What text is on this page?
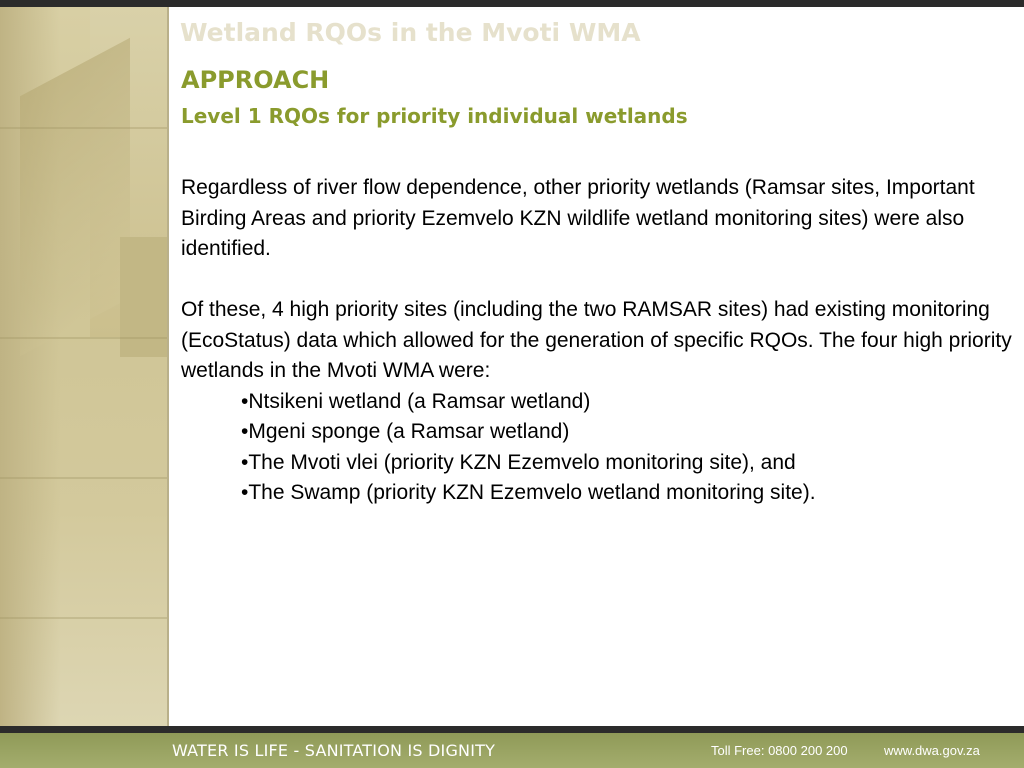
Wetland RQOs in the Mvoti WMA
APPROACH
Level 1 RQOs for priority individual wetlands

Regardless of river flow dependence, other priority wetlands (Ramsar sites, Important Birding Areas and priority Ezemvelo KZN wildlife wetland monitoring sites) were also identified.

Of these, 4 high priority sites (including the two RAMSAR sites) had existing monitoring (EcoStatus) data which allowed for the generation of specific RQOs. The four high priority wetlands in the Mvoti WMA were:

•Ntsikeni wetland (a Ramsar wetland)
•Mgeni sponge (a Ramsar wetland)
•The Mvoti vlei (priority KZN Ezemvelo monitoring site), and
•The Swamp (priority KZN Ezemvelo wetland monitoring site).
WATER IS LIFE - SANITATION IS DIGNITY	Toll Free: 0800 200 200	www.dwa.gov.za
